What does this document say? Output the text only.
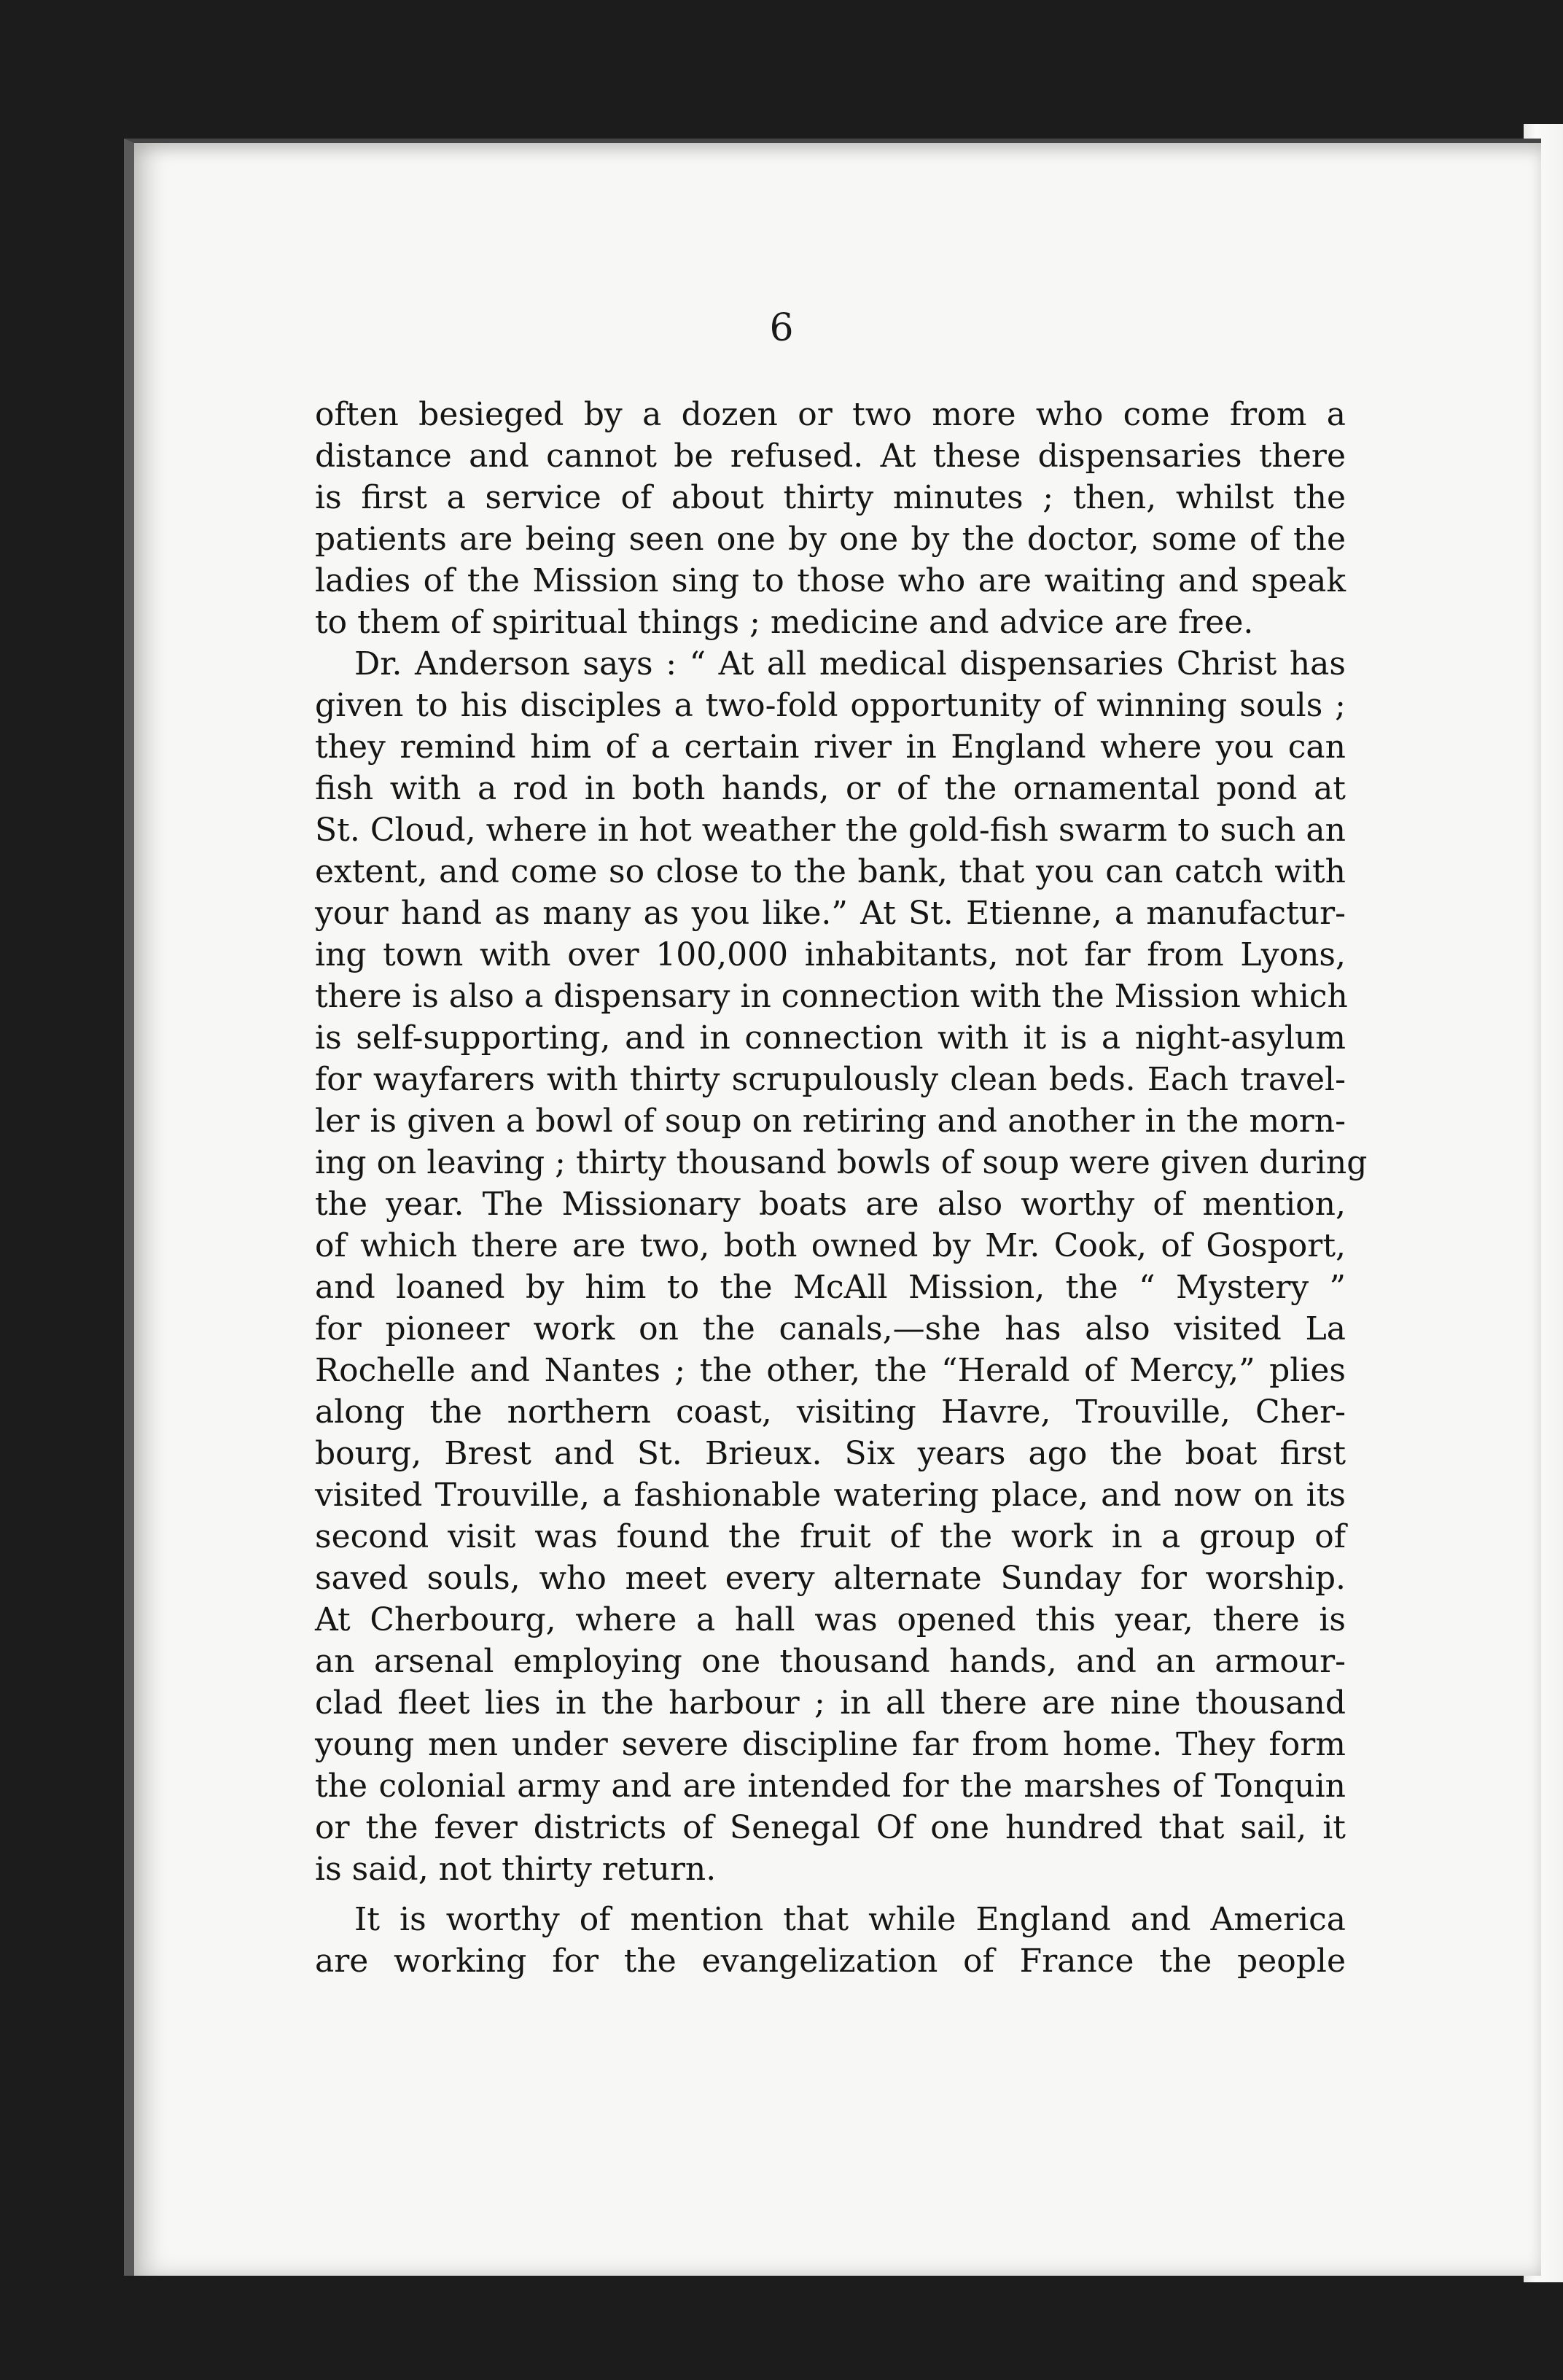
6
often besieged by a dozen or two more who come from a
distance and cannot be refused. At these dispensaries there
is first a service of about thirty minutes ; then, whilst the
patients are being seen one by one by the doctor, some of the
ladies of the Mission sing to those who are waiting and speak
to them of spiritual things ; medicine and advice are free.
Dr. Anderson says : “ At all medical dispensaries Christ has
given to his disciples a two-fold opportunity of winning souls ;
they remind him of a certain river in England where you can
fish with a rod in both hands, or of the ornamental pond at
St. Cloud, where in hot weather the gold-fish swarm to such an
extent, and come so close to the bank, that you can catch with
your hand as many as you like.” At St. Etienne, a manufactur-
ing town with over 100,000 inhabitants, not far from Lyons,
there is also a dispensary in connection with the Mission which
is self-supporting, and in connection with it is a night-asylum
for wayfarers with thirty scrupulously clean beds. Each travel-
ler is given a bowl of soup on retiring and another in the morn-
ing on leaving ; thirty thousand bowls of soup were given during
the year. The Missionary boats are also worthy of mention,
of which there are two, both owned by Mr. Cook, of Gosport,
and loaned by him to the McAll Mission, the “ Mystery ”
for pioneer work on the canals,—she has also visited La
Rochelle and Nantes ; the other, the “Herald of Mercy,” plies
along the northern coast, visiting Havre, Trouville, Cher-
bourg, Brest and St. Brieux. Six years ago the boat first
visited Trouville, a fashionable watering place, and now on its
second visit was found the fruit of the work in a group of
saved souls, who meet every alternate Sunday for worship.
At Cherbourg, where a hall was opened this year, there is
an arsenal employing one thousand hands, and an armour-
clad fleet lies in the harbour ; in all there are nine thousand
young men under severe discipline far from home. They form
the colonial army and are intended for the marshes of Tonquin
or the fever districts of Senegal Of one hundred that sail, it
is said, not thirty return.
It is worthy of mention that while England and America
are working for the evangelization of France the people
